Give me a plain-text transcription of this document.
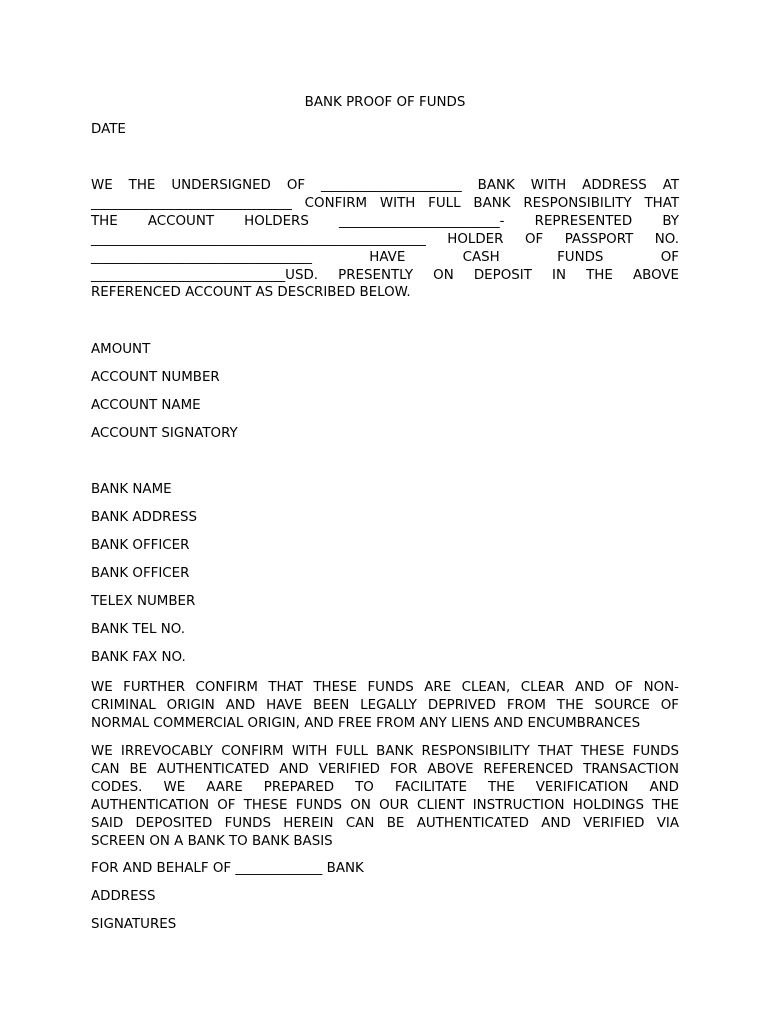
BANK PROOF OF FUNDS
DATE
WE THE UNDERSIGNED OF _____________________ BANK WITH ADDRESS AT
______________________________ CONFIRM WITH FULL BANK RESPONSIBILITY THAT
THE ACCOUNT HOLDERS ________________________- REPRESENTED BY
__________________________________________________ HOLDER OF PASSPORT NO.
_________________________________ HAVE CASH FUNDS OF
_____________________________USD. PRESENTLY ON DEPOSIT IN THE ABOVE
REFERENCED ACCOUNT AS DESCRIBED BELOW.
AMOUNT
ACCOUNT NUMBER
ACCOUNT NAME
ACCOUNT SIGNATORY
BANK NAME
BANK ADDRESS
BANK OFFICER
BANK OFFICER
TELEX NUMBER
BANK TEL NO.
BANK FAX NO.
WE FURTHER CONFIRM THAT THESE FUNDS ARE CLEAN, CLEAR AND OF NON-
CRIMINAL ORIGIN AND HAVE BEEN LEGALLY DEPRIVED FROM THE SOURCE OF
NORMAL COMMERCIAL ORIGIN, AND FREE FROM ANY LIENS AND ENCUMBRANCES
WE IRREVOCABLY CONFIRM WITH FULL BANK RESPONSIBILITY THAT THESE FUNDS
CAN BE AUTHENTICATED AND VERIFIED FOR ABOVE REFERENCED TRANSACTION
CODES. WE AARE PREPARED TO FACILITATE THE VERIFICATION AND
AUTHENTICATION OF THESE FUNDS ON OUR CLIENT INSTRUCTION HOLDINGS THE
SAID DEPOSITED FUNDS HEREIN CAN BE AUTHENTICATED AND VERIFIED VIA
SCREEN ON A BANK TO BANK BASIS
FOR AND BEHALF OF _____________ BANK
ADDRESS
SIGNATURES
